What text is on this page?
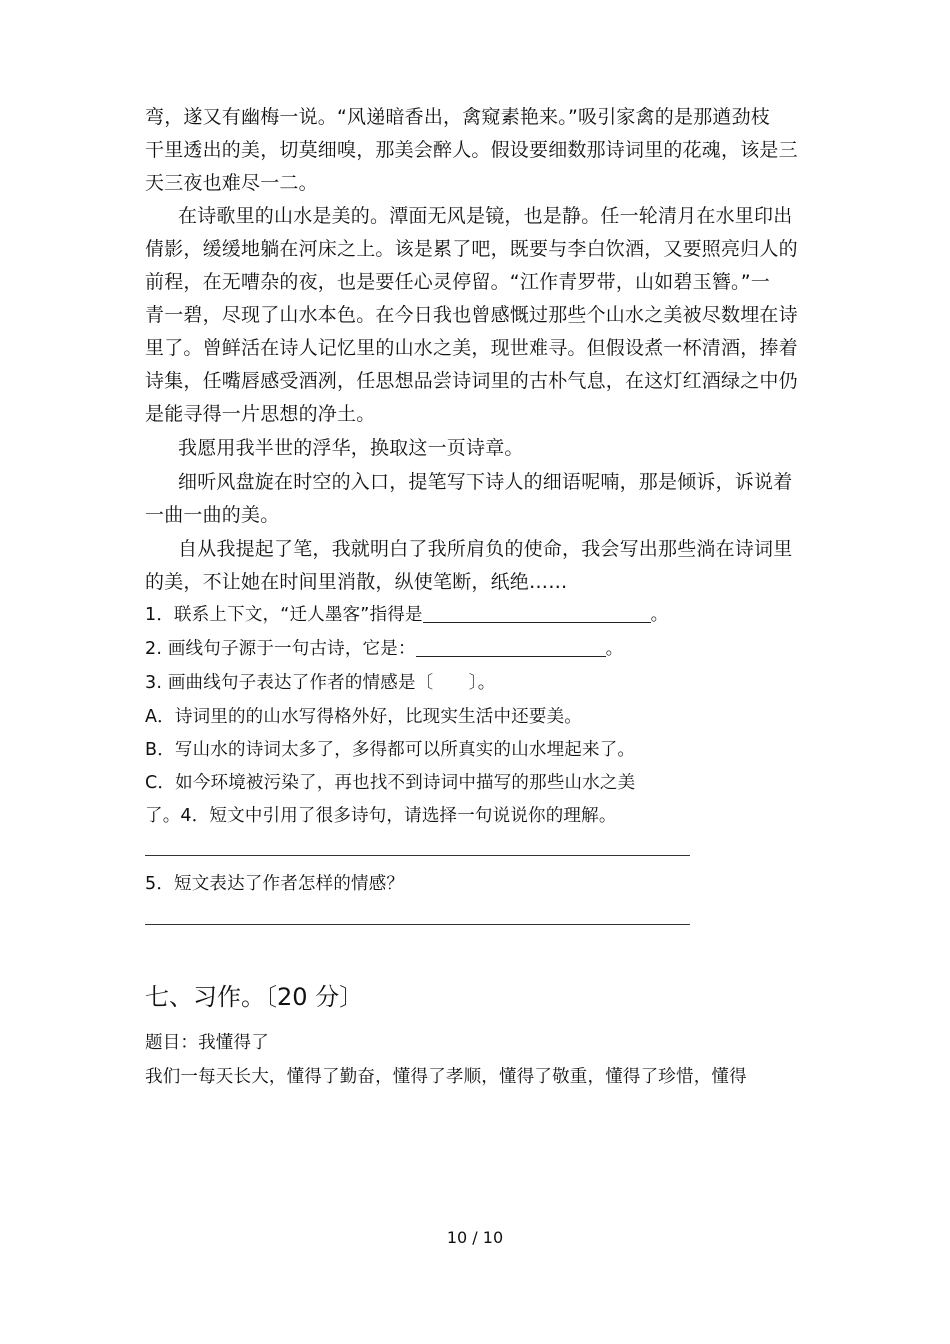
弯，遂又有幽梅一说。“风递暗香出，禽窥素艳来。”吸引家禽的是那遒劲枝
干里透出的美，切莫细嗅，那美会醉人。假设要细数那诗词里的花魂，该是三
天三夜也难尽一二。
在诗歌里的山水是美的。潭面无风是镜，也是静。任一轮清月在水里印出
倩影，缓缓地躺在河床之上。该是累了吧，既要与李白饮酒，又要照亮归人的
前程，在无嘈杂的夜，也是要任心灵停留。“江作青罗带，山如碧玉簪。”一
青一碧，尽现了山水本色。在今日我也曾感慨过那些个山水之美被尽数埋在诗
里了。曾鲜活在诗人记忆里的山水之美，现世难寻。但假设煮一杯清酒，捧着
诗集，任嘴唇感受酒冽，任思想品尝诗词里的古朴气息，在这灯红酒绿之中仍
是能寻得一片思想的净土。
我愿用我半世的浮华，换取这一页诗章。
细听风盘旋在时空的入口，提笔写下诗人的细语呢喃，那是倾诉，诉说着
一曲一曲的美。
自从我提起了笔，我就明白了我所肩负的使命，我会写出那些淌在诗词里
的美，不让她在时间里消散，纵使笔断，纸绝……
1．联系上下文，“迁人墨客”指得是	。
2. 画线句子源于一句古诗，它是：	。
3. 画曲线句子表达了作者的情感是〔　　〕。
A．诗词里的的山水写得格外好，比现实生活中还要美。
B．写山水的诗词太多了，多得都可以所真实的山水埋起来了。
C．如今环境被污染了，再也找不到诗词中描写的那些山水之美
了。4．短文中引用了很多诗句，请选择一句说说你的理解。
5．短文表达了作者怎样的情感？
七、习作。〔20 分〕
题目：我懂得了
我们一每天长大，懂得了勤奋，懂得了孝顺，懂得了敬重，懂得了珍惜，懂得
10 / 10
